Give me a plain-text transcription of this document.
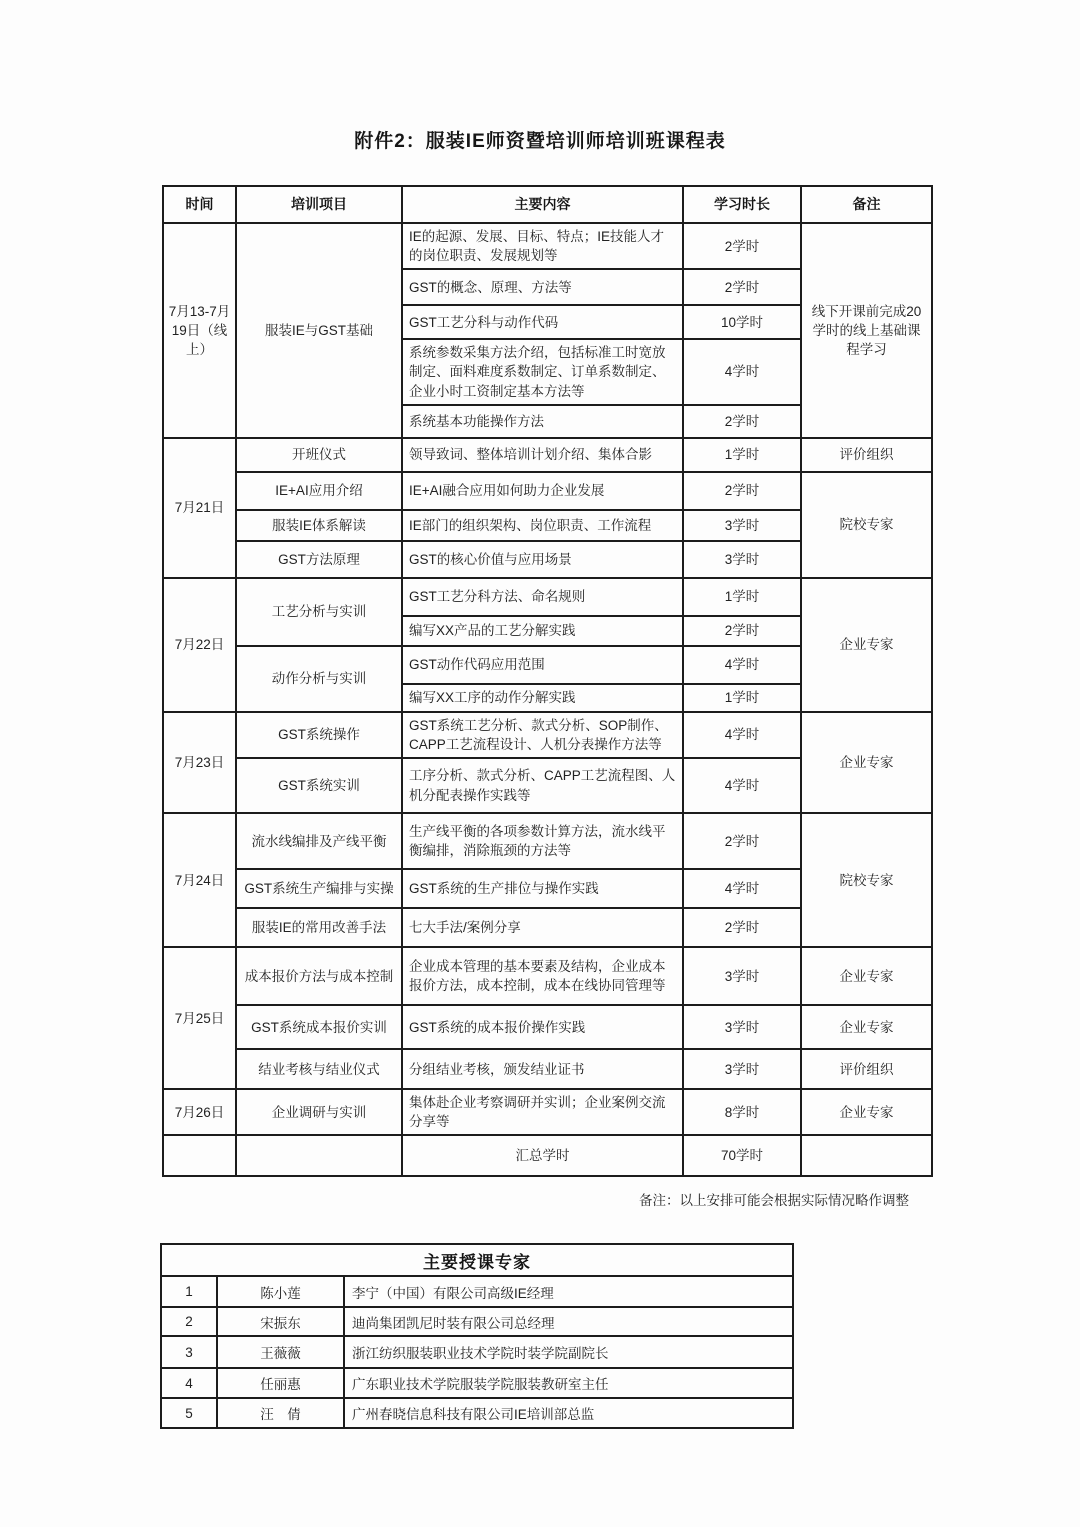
附件2：服装IE师资暨培训师培训班课程表
时间	培训项目	主要内容	学习时长	备注
7月13-7月19日（线上）	服装IE与GST基础	IE的起源、发展、目标、特点；IE技能人才的岗位职责、发展规划等	2学时	线下开课前完成20学时的线上基础课程学习
		GST的概念、原理、方法等	2学时	
		GST工艺分科与动作代码	10学时	
		系统参数采集方法介绍，包括标准工时宽放制定、面料难度系数制定、订单系数制定、企业小时工资制定基本方法等	4学时	
		系统基本功能操作方法	2学时	
7月21日	开班仪式	领导致词、整体培训计划介绍、集体合影	1学时	评价组织
	IE+AI应用介绍	IE+AI融合应用如何助力企业发展	2学时	院校专家
	服装IE体系解读	IE部门的组织架构、岗位职责、工作流程	3学时	
	GST方法原理	GST的核心价值与应用场景	3学时	
7月22日	工艺分析与实训	GST工艺分科方法、命名规则	1学时	企业专家
		编写XX产品的工艺分解实践	2学时	
	动作分析与实训	GST动作代码应用范围	4学时	
		编写XX工序的动作分解实践	1学时	
7月23日	GST系统操作	GST系统工艺分析、款式分析、SOP制作、CAPP工艺流程设计、人机分表操作方法等	4学时	企业专家
	GST系统实训	工序分析、款式分析、CAPP工艺流程图、人机分配表操作实践等	4学时	
7月24日	流水线编排及产线平衡	生产线平衡的各项参数计算方法，流水线平衡编排，消除瓶颈的方法等	2学时	院校专家
	GST系统生产编排与实操	GST系统的生产排位与操作实践	4学时	
	服装IE的常用改善手法	七大手法/案例分享	2学时	
7月25日	成本报价方法与成本控制	企业成本管理的基本要素及结构，企业成本报价方法，成本控制，成本在线协同管理等	3学时	企业专家
	GST系统成本报价实训	GST系统的成本报价操作实践	3学时	企业专家
	结业考核与结业仪式	分组结业考核，颁发结业证书	3学时	评价组织
7月26日	企业调研与实训	集体赴企业考察调研并实训；企业案例交流分享等	8学时	企业专家
		汇总学时	70学时	
备注：以上安排可能会根据实际情况略作调整
主要授课专家		
1	陈小莲	李宁（中国）有限公司高级IE经理
2	宋振东	迪尚集团凯尼时装有限公司总经理
3	王薇薇	浙江纺织服装职业技术学院时装学院副院长
4	任丽惠	广东职业技术学院服装学院服装教研室主任
5	汪　倩	广州春晓信息科技有限公司IE培训部总监
